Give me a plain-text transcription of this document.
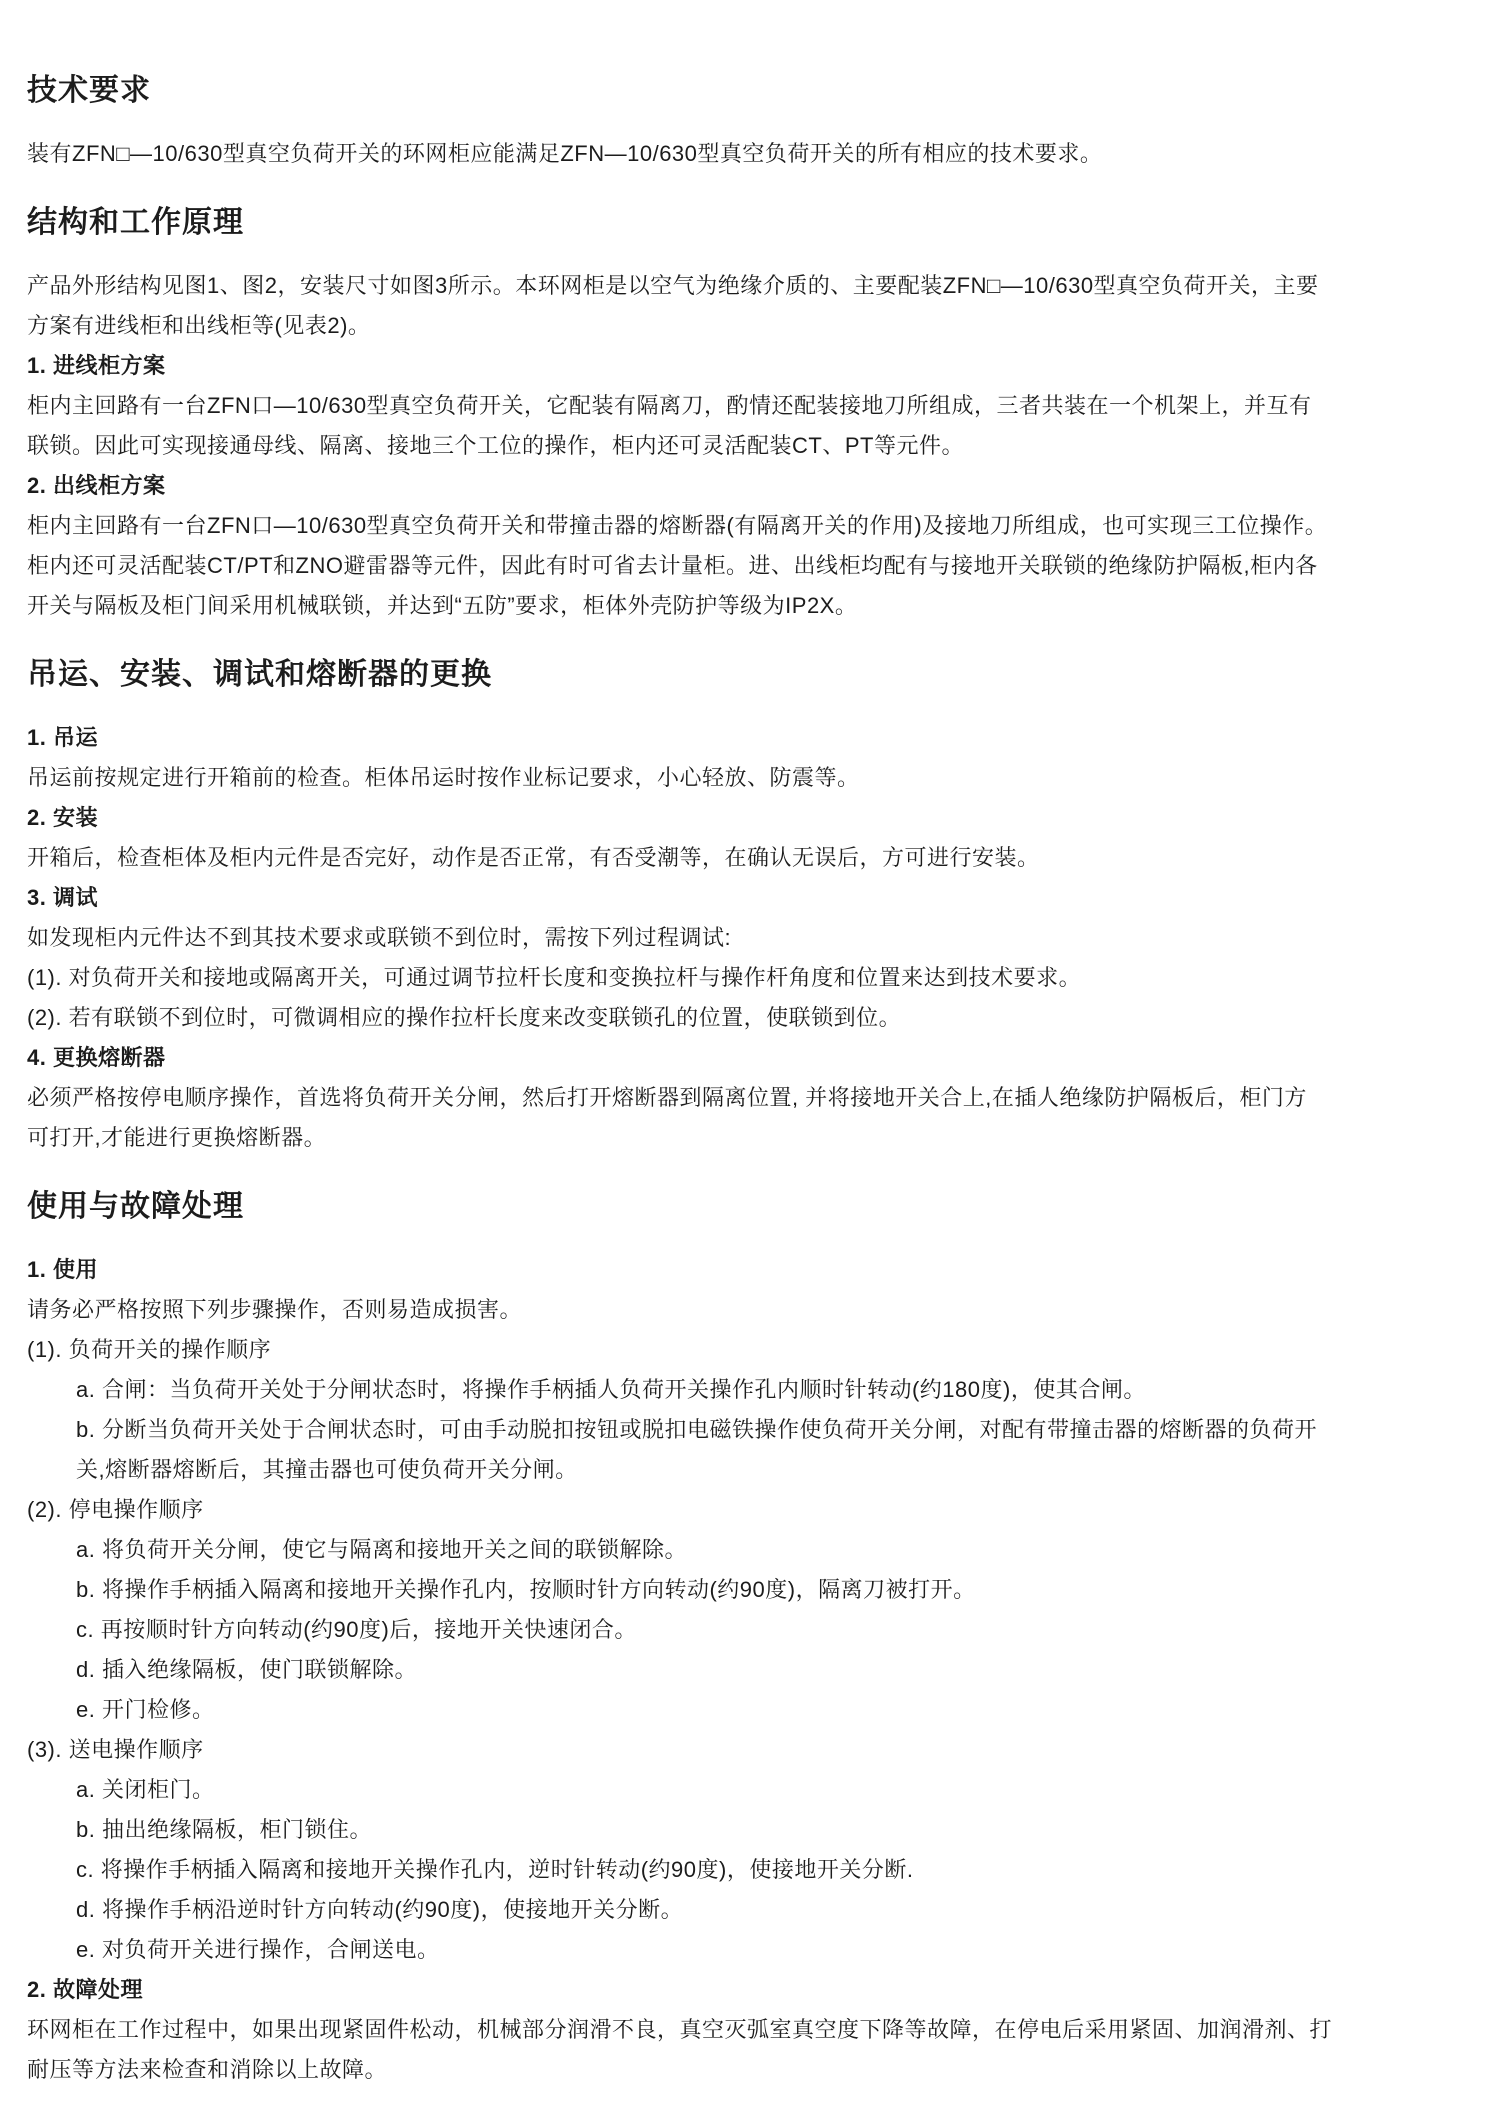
技术要求
装有ZFN□—10/630型真空负荷开关的环网柜应能满足ZFN—10/630型真空负荷开关的所有相应的技术要求。
结构和工作原理
产品外形结构见图1、图2，安装尺寸如图3所示。本环网柜是以空气为绝缘介质的、主要配装ZFN□—10/630型真空负荷开关，主要
方案有进线柜和出线柜等(见表2)。
1. 进线柜方案
柜内主回路有一台ZFN口—10/630型真空负荷开关，它配装有隔离刀，酌情还配装接地刀所组成，三者共装在一个机架上，并互有
联锁。因此可实现接通母线、隔离、接地三个工位的操作，柜内还可灵活配装CT、PT等元件。
2. 出线柜方案
柜内主回路有一台ZFN口—10/630型真空负荷开关和带撞击器的熔断器(有隔离开关的作用)及接地刀所组成，也可实现三工位操作。
柜内还可灵活配装CT/PT和ZNO避雷器等元件，因此有时可省去计量柜。进、出线柜均配有与接地开关联锁的绝缘防护隔板,柜内各
开关与隔板及柜门间采用机械联锁，并达到“五防”要求，柜体外壳防护等级为IP2X。
吊运、安装、调试和熔断器的更换
1. 吊运
吊运前按规定进行开箱前的检查。柜体吊运时按作业标记要求，小心轻放、防震等。
2. 安装
开箱后，检查柜体及柜内元件是否完好，动作是否正常，有否受潮等，在确认无误后，方可进行安装。
3. 调试
如发现柜内元件达不到其技术要求或联锁不到位时，需按下列过程调试:
(1). 对负荷开关和接地或隔离开关，可通过调节拉杆长度和变换拉杆与操作杆角度和位置来达到技术要求。
(2). 若有联锁不到位时，可微调相应的操作拉杆长度来改变联锁孔的位置，使联锁到位。
4. 更换熔断器
必须严格按停电顺序操作，首选将负荷开关分闸，然后打开熔断器到隔离位置, 并将接地开关合上,在插人绝缘防护隔板后，柜门方
可打开,才能进行更换熔断器。
使用与故障处理
1. 使用
请务必严格按照下列步骤操作，否则易造成损害。
(1). 负荷开关的操作顺序
a. 合闸：当负荷开关处于分闸状态时，将操作手柄插人负荷开关操作孔内顺时针转动(约180度)，使其合闸。
b. 分断当负荷开关处于合闸状态时，可由手动脱扣按钮或脱扣电磁铁操作使负荷开关分闸，对配有带撞击器的熔断器的负荷开
关,熔断器熔断后，其撞击器也可使负荷开关分闸。
(2). 停电操作顺序
a. 将负荷开关分闸，使它与隔离和接地开关之间的联锁解除。
b. 将操作手柄插入隔离和接地开关操作孔内，按顺时针方向转动(约90度)，隔离刀被打开。
c. 再按顺时针方向转动(约90度)后，接地开关快速闭合。
d. 插入绝缘隔板，使门联锁解除。
e. 开门检修。
(3). 送电操作顺序
a. 关闭柜门。
b. 抽出绝缘隔板，柜门锁住。
c. 将操作手柄插入隔离和接地开关操作孔内，逆时针转动(约90度)，使接地开关分断.
d. 将操作手柄沿逆时针方向转动(约90度)，使接地开关分断。
e. 对负荷开关进行操作，合闸送电。
2. 故障处理
环网柜在工作过程中，如果出现紧固件松动，机械部分润滑不良，真空灭弧室真空度下降等故障，在停电后采用紧固、加润滑剂、打
耐压等方法来检查和消除以上故障。
